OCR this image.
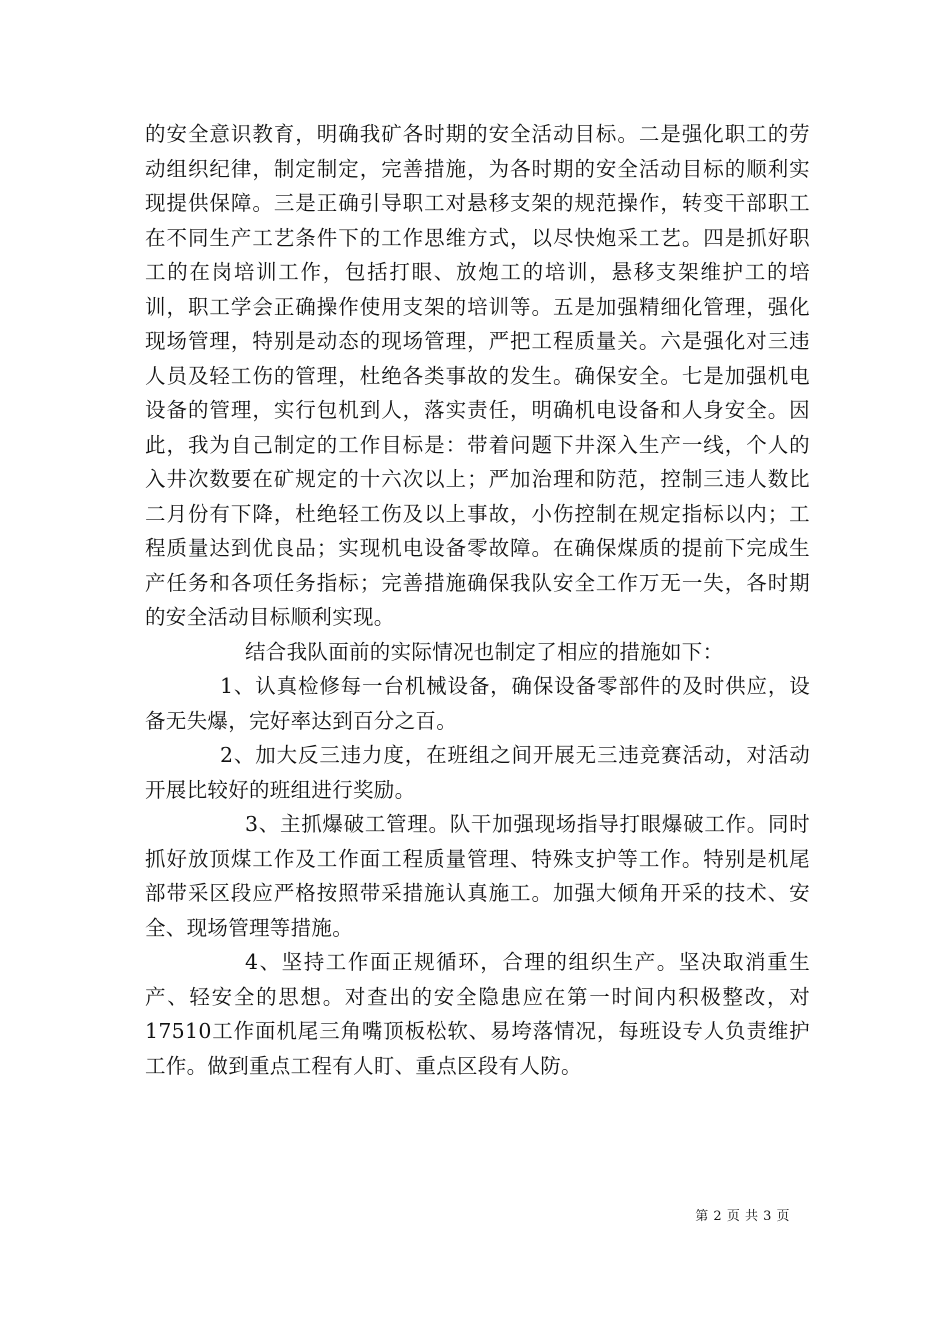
的安全意识教育，明确我矿各时期的安全活动目标。二是强化职工的劳动组织纪律，制定制定，完善措施，为各时期的安全活动目标的顺利实现提供保障。三是正确引导职工对悬移支架的规范操作，转变干部职工在不同生产工艺条件下的工作思维方式，以尽快炮采工艺。四是抓好职工的在岗培训工作，包括打眼、放炮工的培训，悬移支架维护工的培训，职工学会正确操作使用支架的培训等。五是加强精细化管理，强化现场管理，特别是动态的现场管理，严把工程质量关。六是强化对三违人员及轻工伤的管理，杜绝各类事故的发生。确保安全。七是加强机电设备的管理，实行包机到人，落实责任，明确机电设备和人身安全。因此，我为自己制定的工作目标是：带着问题下井深入生产一线，个人的入井次数要在矿规定的十六次以上；严加治理和防范，控制三违人数比二月份有下降，杜绝轻工伤及以上事故，小伤控制在规定指标以内；工程质量达到优良品；实现机电设备零故障。在确保煤质的提前下完成生产任务和各项任务指标；完善措施确保我队安全工作万无一失，各时期的安全活动目标顺利实现。

结合我队面前的实际情况也制定了相应的措施如下：

1、认真检修每一台机械设备，确保设备零部件的及时供应，设备无失爆，完好率达到百分之百。

2、加大反三违力度，在班组之间开展无三违竞赛活动，对活动开展比较好的班组进行奖励。

3、主抓爆破工管理。队干加强现场指导打眼爆破工作。同时抓好放顶煤工作及工作面工程质量管理、特殊支护等工作。特别是机尾部带采区段应严格按照带采措施认真施工。加强大倾角开采的技术、安全、现场管理等措施。

4、坚持工作面正规循环，合理的组织生产。坚决取消重生产、轻安全的思想。对查出的安全隐患应在第一时间内积极整改，对17510工作面机尾三角嘴顶板松软、易垮落情况，每班设专人负责维护工作。做到重点工程有人盯、重点区段有人防。

第 2 页 共 3 页
